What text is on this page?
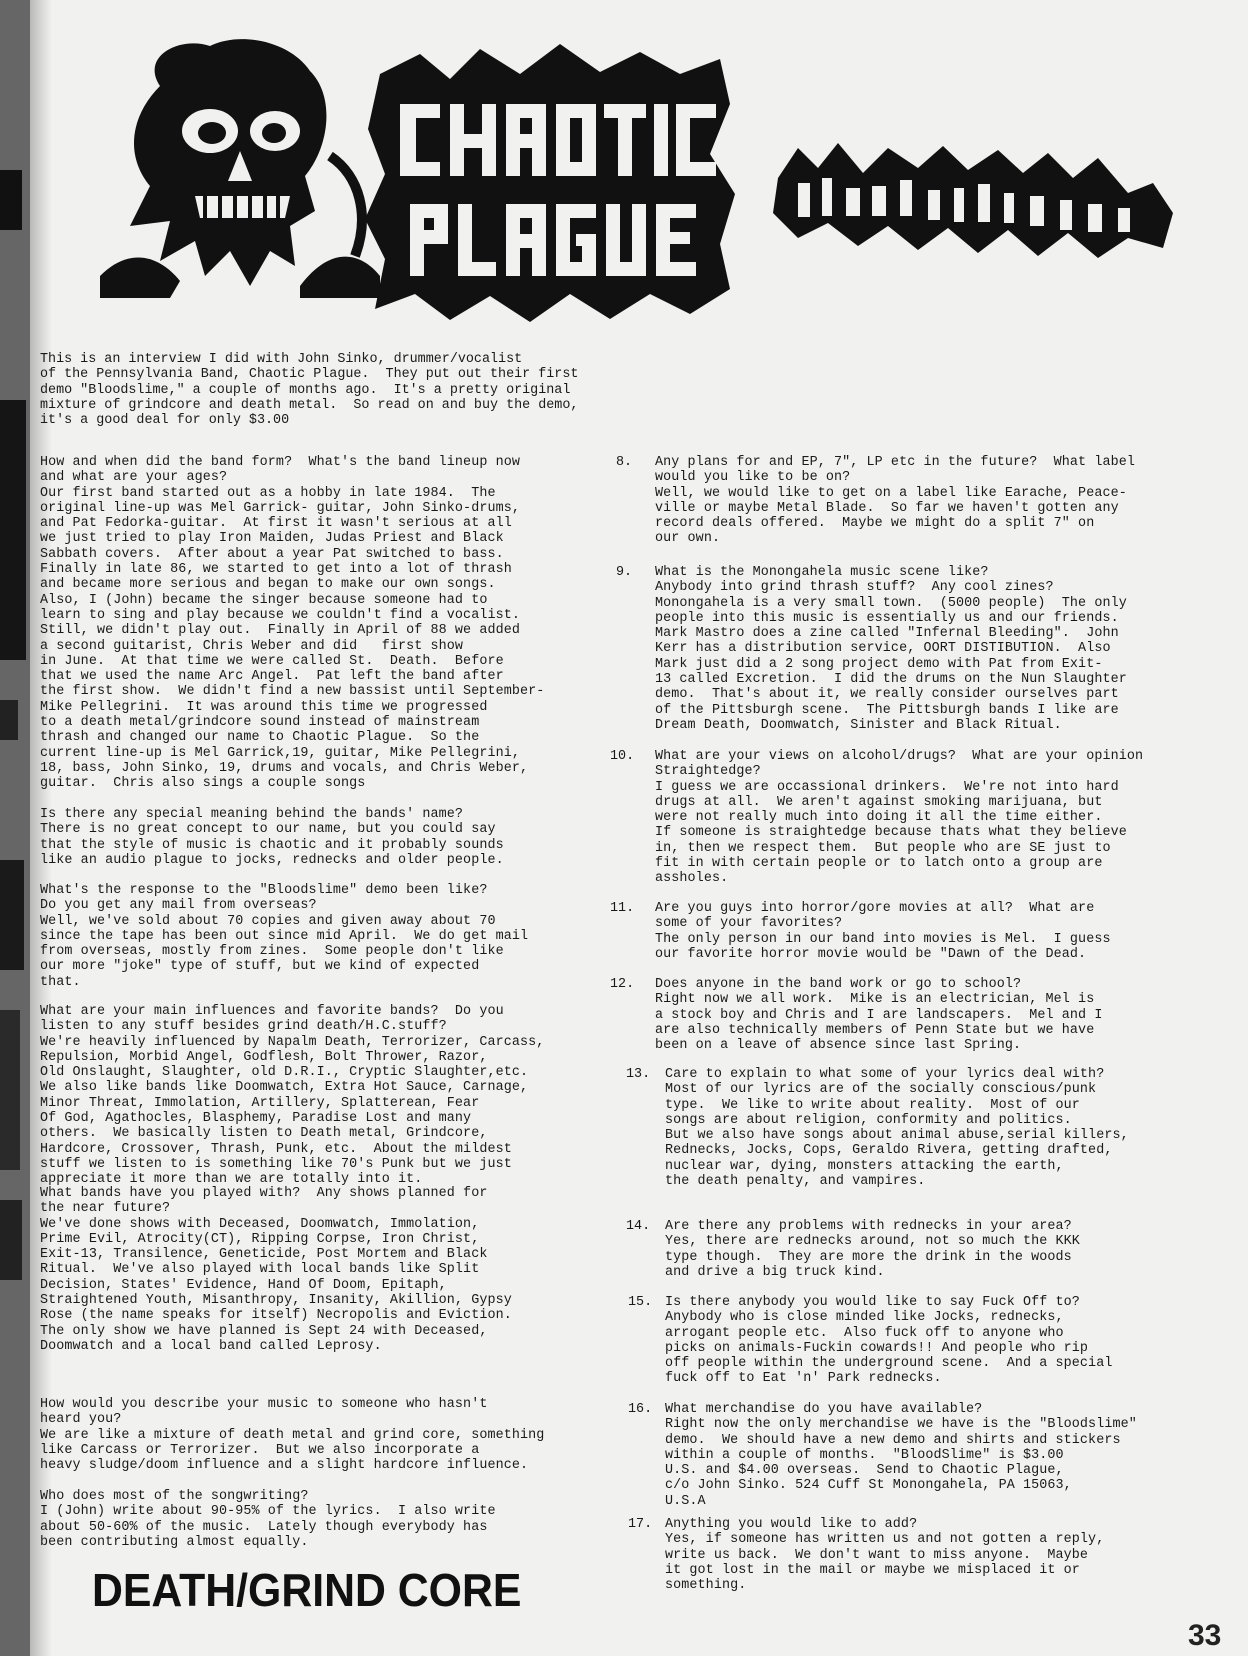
This is an interview I did with John Sinko, drummer/vocalist
of the Pennsylvania Band, Chaotic Plague.  They put out their first
demo "Bloodslime," a couple of months ago.  It's a pretty original
mixture of grindcore and death metal.  So read on and buy the demo,
it's a good deal for only $3.00
How and when did the band form?  What's the band lineup now
and what are your ages?
Our first band started out as a hobby in late 1984.  The
original line-up was Mel Garrick- guitar, John Sinko-drums,
and Pat Fedorka-guitar.  At first it wasn't serious at all
we just tried to play Iron Maiden, Judas Priest and Black
Sabbath covers.  After about a year Pat switched to bass.
Finally in late 86, we started to get into a lot of thrash
and became more serious and began to make our own songs.
Also, I (John) became the singer because someone had to
learn to sing and play because we couldn't find a vocalist.
Still, we didn't play out.  Finally in April of 88 we added
a second guitarist, Chris Weber and did   first show
in June.  At that time we were called St.  Death.  Before
that we used the name Arc Angel.  Pat left the band after
the first show.  We didn't find a new bassist until September-
Mike Pellegrini.  It was around this time we progressed
to a death metal/grindcore sound instead of mainstream
thrash and changed our name to Chaotic Plague.  So the
current line-up is Mel Garrick,19, guitar, Mike Pellegrini,
18, bass, John Sinko, 19, drums and vocals, and Chris Weber,
guitar.  Chris also sings a couple songs
Is there any special meaning behind the bands' name?
There is no great concept to our name, but you could say
that the style of music is chaotic and it probably sounds
like an audio plague to jocks, rednecks and older people.
What's the response to the "Bloodslime" demo been like?
Do you get any mail from overseas?
Well, we've sold about 70 copies and given away about 70
since the tape has been out since mid April.  We do get mail
from overseas, mostly from zines.  Some people don't like
our more "joke" type of stuff, but we kind of expected
that.
What are your main influences and favorite bands?  Do you
listen to any stuff besides grind death/H.C.stuff?
We're heavily influenced by Napalm Death, Terrorizer, Carcass,
Repulsion, Morbid Angel, Godflesh, Bolt Thrower, Razor,
Old Onslaught, Slaughter, old D.R.I., Cryptic Slaughter,etc.
We also like bands like Doomwatch, Extra Hot Sauce, Carnage,
Minor Threat, Immolation, Artillery, Splatterean, Fear
Of God, Agathocles, Blasphemy, Paradise Lost and many
others.  We basically listen to Death metal, Grindcore,
Hardcore, Crossover, Thrash, Punk, etc.  About the mildest
stuff we listen to is something like 70's Punk but we just
appreciate it more than we are totally into it.
What bands have you played with?  Any shows planned for
the near future?
We've done shows with Deceased, Doomwatch, Immolation,
Prime Evil, Atrocity(CT), Ripping Corpse, Iron Christ,
Exit-13, Transilence, Geneticide, Post Mortem and Black
Ritual.  We've also played with local bands like Split
Decision, States' Evidence, Hand Of Doom, Epitaph,
Straightened Youth, Misanthropy, Insanity, Akillion, Gypsy
Rose (the name speaks for itself) Necropolis and Eviction.
The only show we have planned is Sept 24 with Deceased,
Doomwatch and a local band called Leprosy.
How would you describe your music to someone who hasn't
heard you?
We are like a mixture of death metal and grind core, something
like Carcass or Terrorizer.  But we also incorporate a
heavy sludge/doom influence and a slight hardcore influence.
Who does most of the songwriting?
I (John) write about 90-95% of the lyrics.  I also write
about 50-60% of the music.  Lately though everybody has
been contributing almost equally.
8. Any plans for and EP, 7", LP etc in the future?  What label
would you like to be on?
Well, we would like to get on a label like Earache, Peace-
ville or maybe Metal Blade.  So far we haven't gotten any
record deals offered.  Maybe we might do a split 7" on
our own.
9. What is the Monongahela music scene like?
Anybody into grind thrash stuff?  Any cool zines?
Monongahela is a very small town.  (5000 people)  The only
people into this music is essentially us and our friends.
Mark Mastro does a zine called "Infernal Bleeding".  John
Kerr has a distribution service, OORT DISTIBUTION.  Also
Mark just did a 2 song project demo with Pat from Exit-
13 called Excretion.  I did the drums on the Nun Slaughter
demo.  That's about it, we really consider ourselves part
of the Pittsburgh scene.  The Pittsburgh bands I like are
Dream Death, Doomwatch, Sinister and Black Ritual.
10. What are your views on alcohol/drugs?  What are your opinion
Straightedge?
I guess we are occassional drinkers.  We're not into hard
drugs at all.  We aren't against smoking marijuana, but
were not really much into doing it all the time either.
If someone is straightedge because thats what they believe
in, then we respect them.  But people who are SE just to
fit in with certain people or to latch onto a group are
assholes.
11. Are you guys into horror/gore movies at all?  What are
some of your favorites?
The only person in our band into movies is Mel.  I guess
our favorite horror movie would be "Dawn of the Dead.
12. Does anyone in the band work or go to school?
Right now we all work.  Mike is an electrician, Mel is
a stock boy and Chris and I are landscapers.  Mel and I
are also technically members of Penn State but we have
been on a leave of absence since last Spring.
13. Care to explain to what some of your lyrics deal with?
Most of our lyrics are of the socially conscious/punk
type.  We like to write about reality.  Most of our
songs are about religion, conformity and politics.
But we also have songs about animal abuse,serial killers,
Rednecks, Jocks, Cops, Geraldo Rivera, getting drafted,
nuclear war, dying, monsters attacking the earth,
the death penalty, and vampires.
14. Are there any problems with rednecks in your area?
Yes, there are rednecks around, not so much the KKK
type though.  They are more the drink in the woods
and drive a big truck kind.
15. Is there anybody you would like to say Fuck Off to?
Anybody who is close minded like Jocks, rednecks,
arrogant people etc.  Also fuck off to anyone who
picks on animals-Fuckin cowards!! And people who rip
off people within the underground scene.  And a special
fuck off to Eat 'n' Park rednecks.
16. What merchandise do you have available?
Right now the only merchandise we have is the "Bloodslime"
demo.  We should have a new demo and shirts and stickers
within a couple of months.  "BloodSlime" is $3.00
U.S. and $4.00 overseas.  Send to Chaotic Plague,
c/o John Sinko. 524 Cuff St Monongahela, PA 15063,
U.S.A
17. Anything you would like to add?
Yes, if someone has written us and not gotten a reply,
write us back.  We don't want to miss anyone.  Maybe
it got lost in the mail or maybe we misplaced it or
something.
DEATH/GRIND CORE
33
